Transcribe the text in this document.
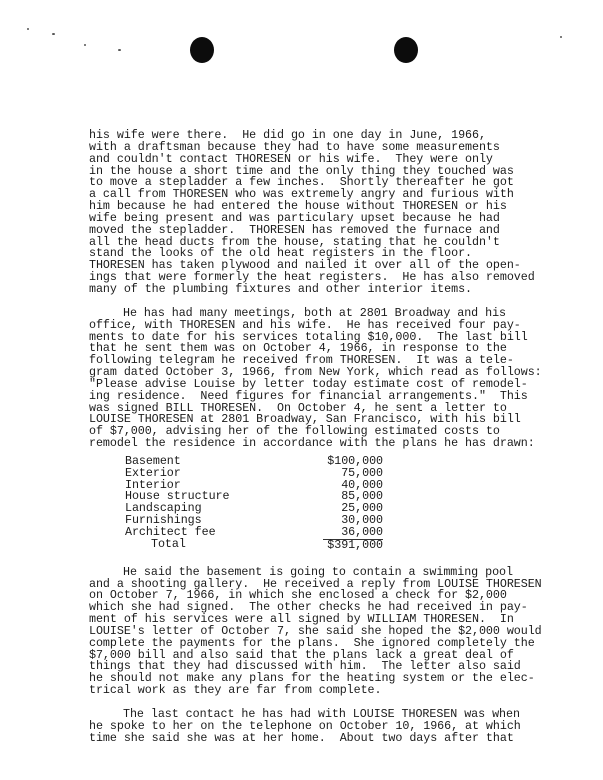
his wife were there.  He did go in one day in June, 1966,

with a draftsman because they had to have some measurements

and couldn't contact THORESEN or his wife.  They were only

in the house a short time and the only thing they touched was

to move a stepladder a few inches.  Shortly thereafter he got

a call from THORESEN who was extremely angry and furious with

him because he had entered the house without THORESEN or his

wife being present and was particulary upset because he had

moved the stepladder.  THORESEN has removed the furnace and

all the head ducts from the house, stating that he couldn't

stand the looks of the old heat registers in the floor.

THORESEN has taken plywood and nailed it over all of the open-

ings that were formerly the heat registers.  He has also removed

many of the plumbing fixtures and other interior items.

He has had many meetings, both at 2801 Broadway and his

office, with THORESEN and his wife.  He has received four pay-

ments to date for his services totaling $10,000.  The last bill

that he sent them was on October 4, 1966, in response to the

following telegram he received from THORESEN.  It was a tele-

gram dated October 3, 1966, from New York, which read as follows:

"Please advise Louise by letter today estimate cost of remodel-

ing residence.  Need figures for financial arrangements."  This

was signed BILL THORESEN.  On October 4, he sent a letter to

LOUISE THORESEN at 2801 Broadway, San Francisco, with his bill

of $7,000, advising her of the following estimated costs to

remodel the residence in accordance with the plans he has drawn:

Basement	$100,000
Exterior	75,000
Interior	40,000
House structure	85,000
Landscaping	25,000
Furnishings	30,000
Architect fee	36,000
Total	$391,000

He said the basement is going to contain a swimming pool

and a shooting gallery.  He received a reply from LOUISE THORESEN

on October 7, 1966, in which she enclosed a check for $2,000

which she had signed.  The other checks he had received in pay-

ment of his services were all signed by WILLIAM THORESEN.  In

LOUISE's letter of October 7, she said she hoped the $2,000 would

complete the payments for the plans.  She ignored completely the

$7,000 bill and also said that the plans lack a great deal of

things that they had discussed with him.  The letter also said

he should not make any plans for the heating system or the elec-

trical work as they are far from complete.

The last contact he has had with LOUISE THORESEN was when

he spoke to her on the telephone on October 10, 1966, at which

time she said she was at her home.  About two days after that
